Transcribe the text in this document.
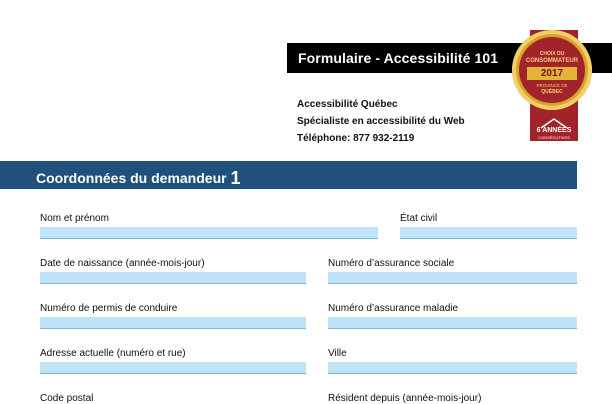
Formulaire - Accessibilité 101
Accessibilité Québec
Spécialiste en accessibilité du Web
Téléphone: 877 932-2119
CHOIX DU
CONSOMMATEUR
2017
PROVINCE DE
QUÉBEC
6 ANNÉES
CONSÉCUTIVES
Coordonnées du demandeur 1
Nom et prénom	État civil
Date de naissance (année-mois-jour)	Numéro d’assurance sociale
Numéro de permis de conduire	Numéro d’assurance maladie
Adresse actuelle (numéro et rue)	Ville
Code postal	Résident depuis (année-mois-jour)
